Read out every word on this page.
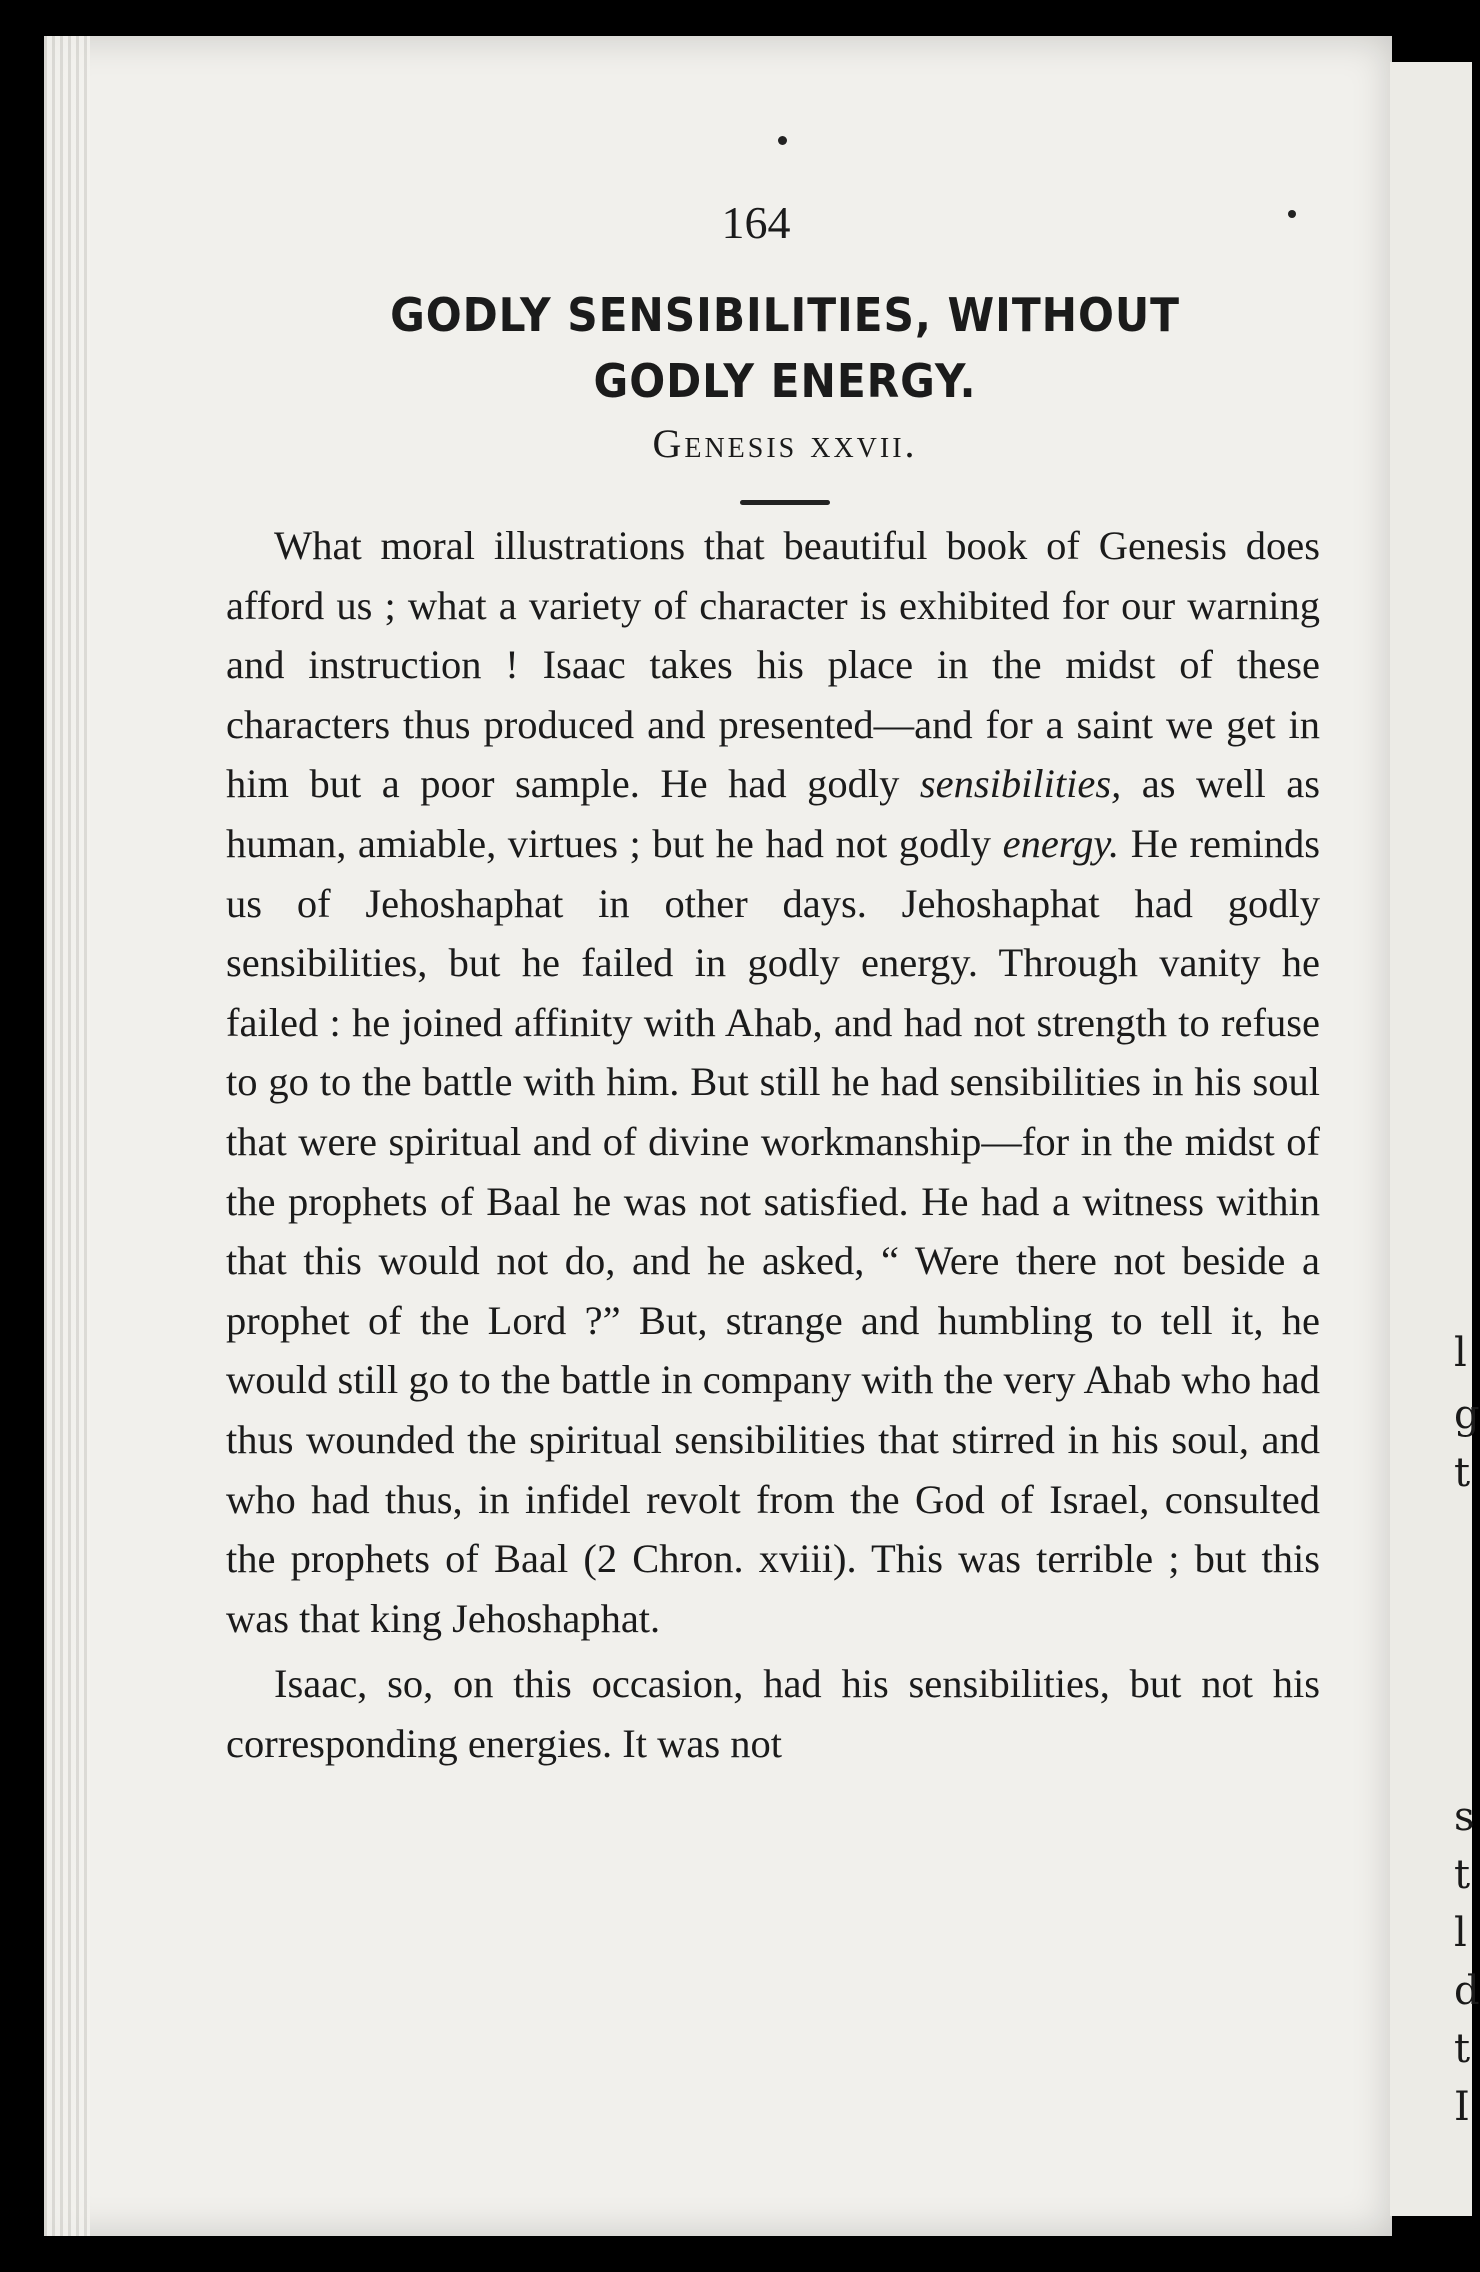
l
g
t
s
t
l
d
t
I
164
GODLY SENSIBILITIES, WITHOUT GODLY ENERGY.
Genesis xxvii.

What moral illustrations that beautiful book of Genesis does afford us ; what a variety of character is exhibited for our warning and instruction ! Isaac takes his place in the midst of these characters thus produced and presented—and for a saint we get in him but a poor sample. He had godly sensibilities, as well as human, amiable, virtues ; but he had not godly energy. He reminds us of Jehoshaphat in other days. Jehoshaphat had godly sensibilities, but he failed in godly energy. Through vanity he failed : he joined affinity with Ahab, and had not strength to refuse to go to the battle with him. But still he had sensibilities in his soul that were spiritual and of divine workmanship—for in the midst of the prophets of Baal he was not satisfied. He had a witness within that this would not do, and he asked, “ Were there not beside a prophet of the Lord ?” But, strange and humbling to tell it, he would still go to the battle in company with the very Ahab who had thus wounded the spiritual sensibilities that stirred in his soul, and who had thus, in infidel revolt from the God of Israel, consulted the prophets of Baal (2 Chron. xviii). This was terrible ; but this was that king Jehoshaphat.

Isaac, so, on this occasion, had his sensibilities, but not his corresponding energies. It was not
